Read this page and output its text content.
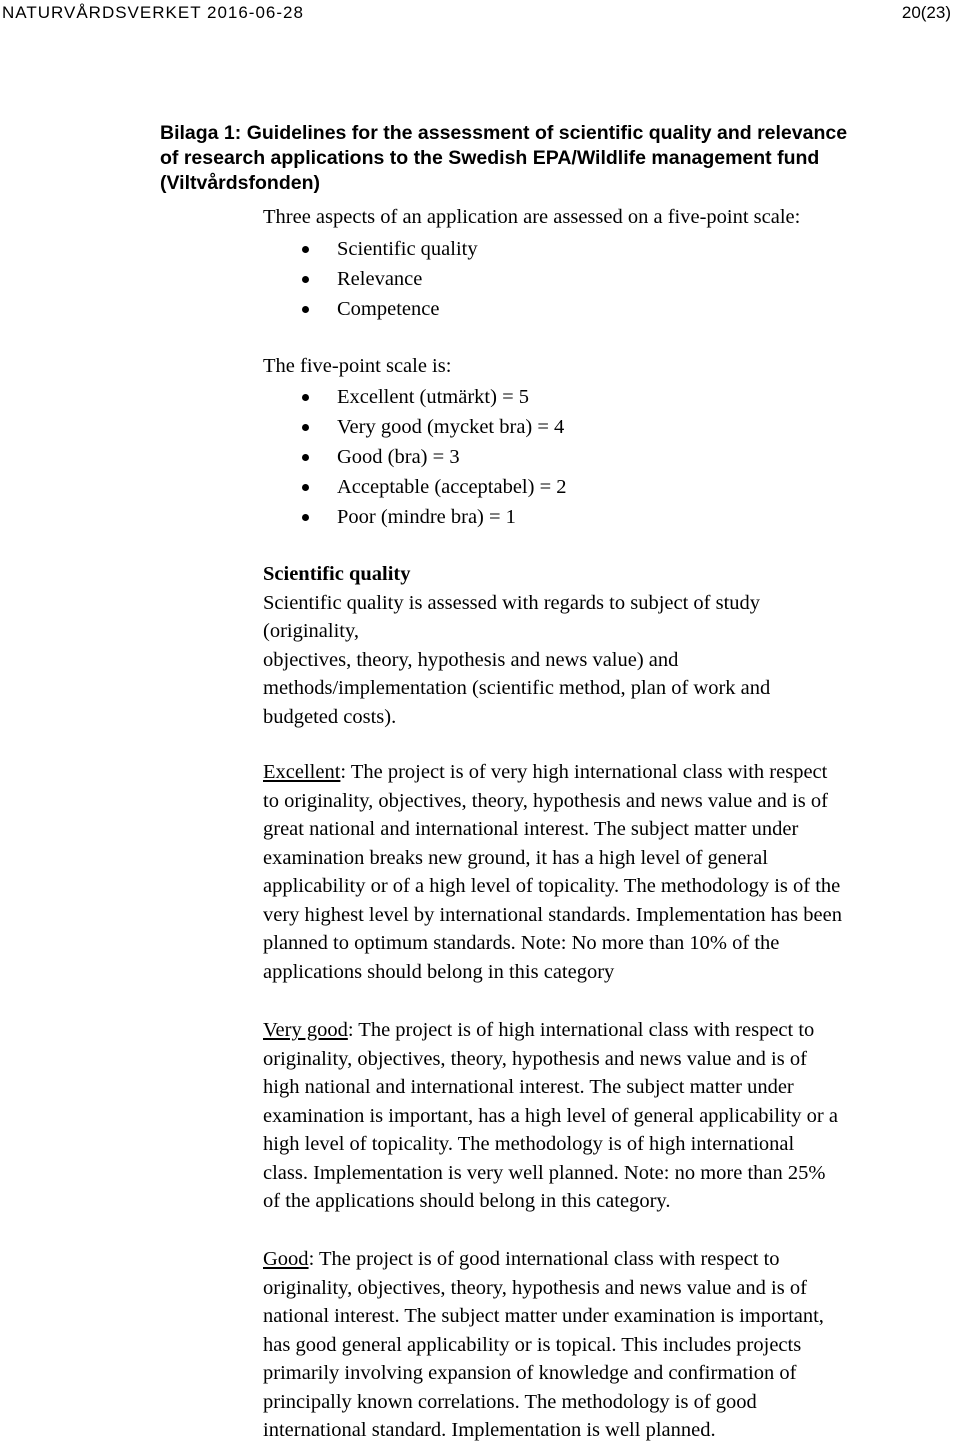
NATURVÅRDSVERKET 2016-06-28	20(23)
Bilaga 1: Guidelines for the assessment of scientific quality and relevance
of research applications to the Swedish EPA/Wildlife management fund
(Viltvårdsfonden)
Three aspects of an application are assessed on a five-point scale:
Scientific quality
Relevance
Competence
The five-point scale is:
Excellent (utmärkt) = 5
Very good (mycket bra) = 4
Good (bra) = 3
Acceptable (acceptabel) = 2
Poor (mindre bra) = 1
Scientific quality
Scientific quality is assessed with regards to subject of study
(originality,
objectives, theory, hypothesis and news value) and
methods/implementation (scientific method, plan of work and
budgeted costs).
Excellent: The project is of very high international class with respect
to originality, objectives, theory, hypothesis and news value and is of
great national and international interest. The subject matter under
examination breaks new ground, it has a high level of general
applicability or of a high level of topicality. The methodology is of the
very highest level by international standards. Implementation has been
planned to optimum standards. Note: No more than 10% of the
applications should belong in this category
Very good: The project is of high international class with respect to
originality, objectives, theory, hypothesis and news value and is of
high national and international interest. The subject matter under
examination is important, has a high level of general applicability or a
high level of topicality. The methodology is of high international
class. Implementation is very well planned. Note: no more than 25%
of the applications should belong in this category.
Good: The project is of good international class with respect to
originality, objectives, theory, hypothesis and news value and is of
national interest. The subject matter under examination is important,
has good general applicability or is topical. This includes projects
primarily involving expansion of knowledge and confirmation of
principally known correlations. The methodology is of good
international standard. Implementation is well planned.
